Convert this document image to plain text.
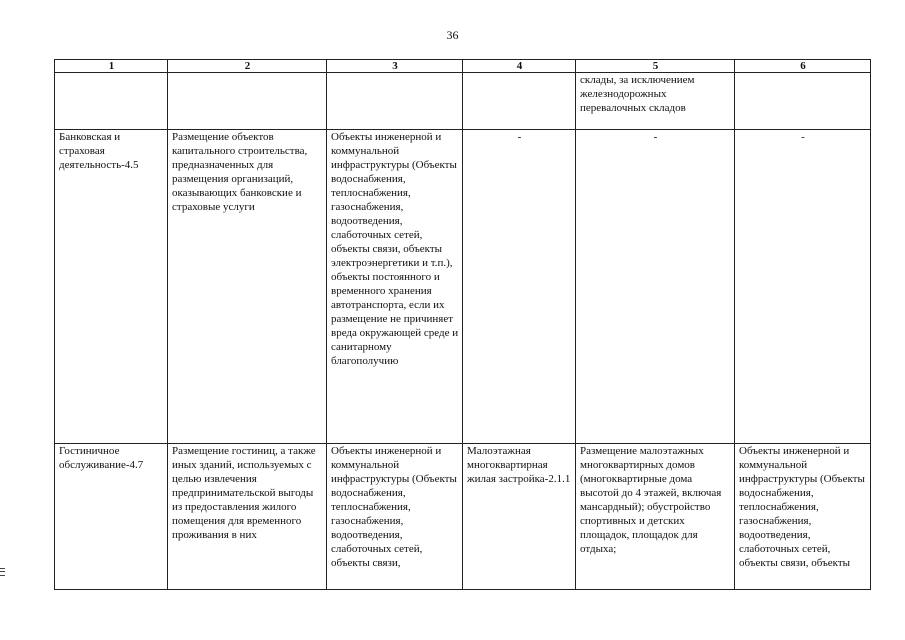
36
1	2	3	4	5	6

				склады, за исключением железнодорожных перевалочных складов	

Банковская и страховая деятельность-4.5	Размещение объектов капитального строительства, предназначенных для размещения организаций, оказывающих банковские и страховые услуги	Объекты инженерной и коммунальной инфраструктуры (Объекты водоснабжения, теплоснабжения, газоснабжения, водоотведения, слаботочных сетей, объекты связи, объекты электроэнергетики и т.п.), объекты постоянного и временного хранения автотранспорта, если их размещение не причиняет вреда окружающей среде и санитарному благополучию	-	-	-

Гостиничное обслуживание-4.7	Размещение гостиниц, а также иных зданий, используемых с целью извлечения предпринимательской выгоды из предоставления жилого помещения для временного проживания в них	Объекты инженерной и коммунальной инфраструктуры (Объекты водоснабжения, теплоснабжения, газоснабжения, водоотведения, слаботочных сетей, объекты связи,	Малоэтажная многоквартирная жилая застройка-2.1.1	Размещение малоэтажных многоквартирных домов (многоквартирные дома высотой до 4 этажей, включая мансардный); обустройство спортивных и детских площадок, площадок для отдыха;	Объекты инженерной и коммунальной инфраструктуры (Объекты водоснабжения, теплоснабжения, газоснабжения, водоотведения, слаботочных сетей, объекты связи, объекты
